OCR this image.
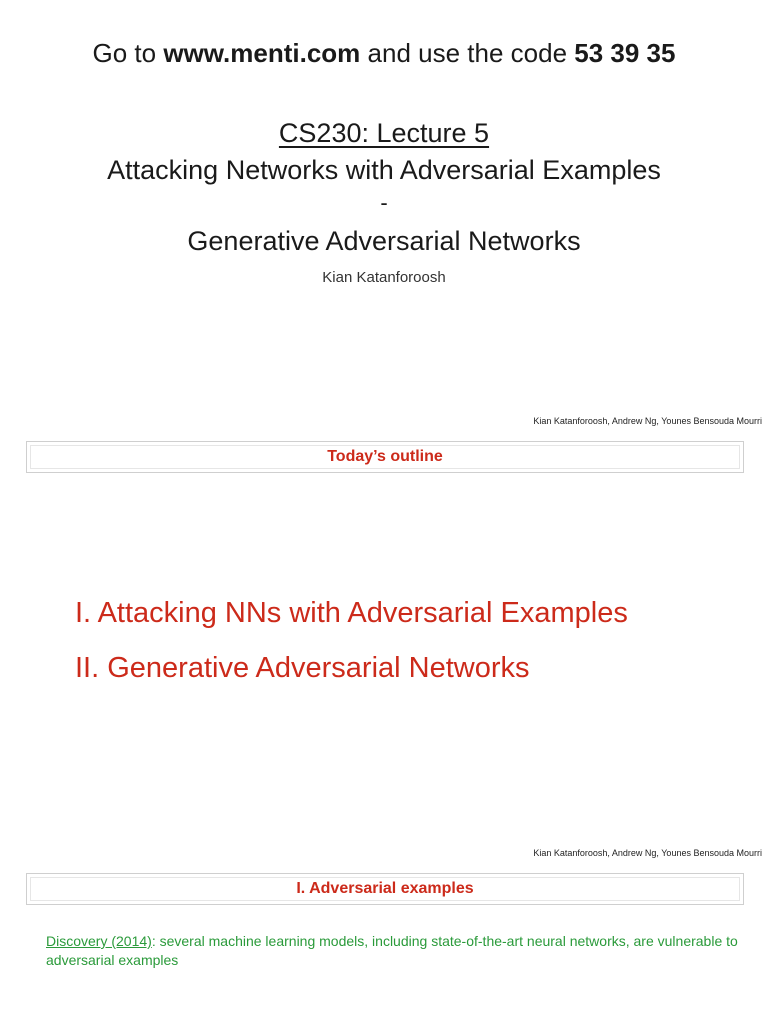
Go to www.menti.com and use the code 53 39 35
CS230: Lecture 5
Attacking Networks with Adversarial Examples
-
Generative Adversarial Networks
Kian Katanforoosh
Kian Katanforoosh, Andrew Ng, Younes Bensouda Mourri
Today’s outline
I. Attacking NNs with Adversarial Examples
II. Generative Adversarial Networks
Kian Katanforoosh, Andrew Ng, Younes Bensouda Mourri
I. Adversarial examples
Discovery (2014): several machine learning models, including state-of-the-art neural networks, are vulnerable to adversarial examples
